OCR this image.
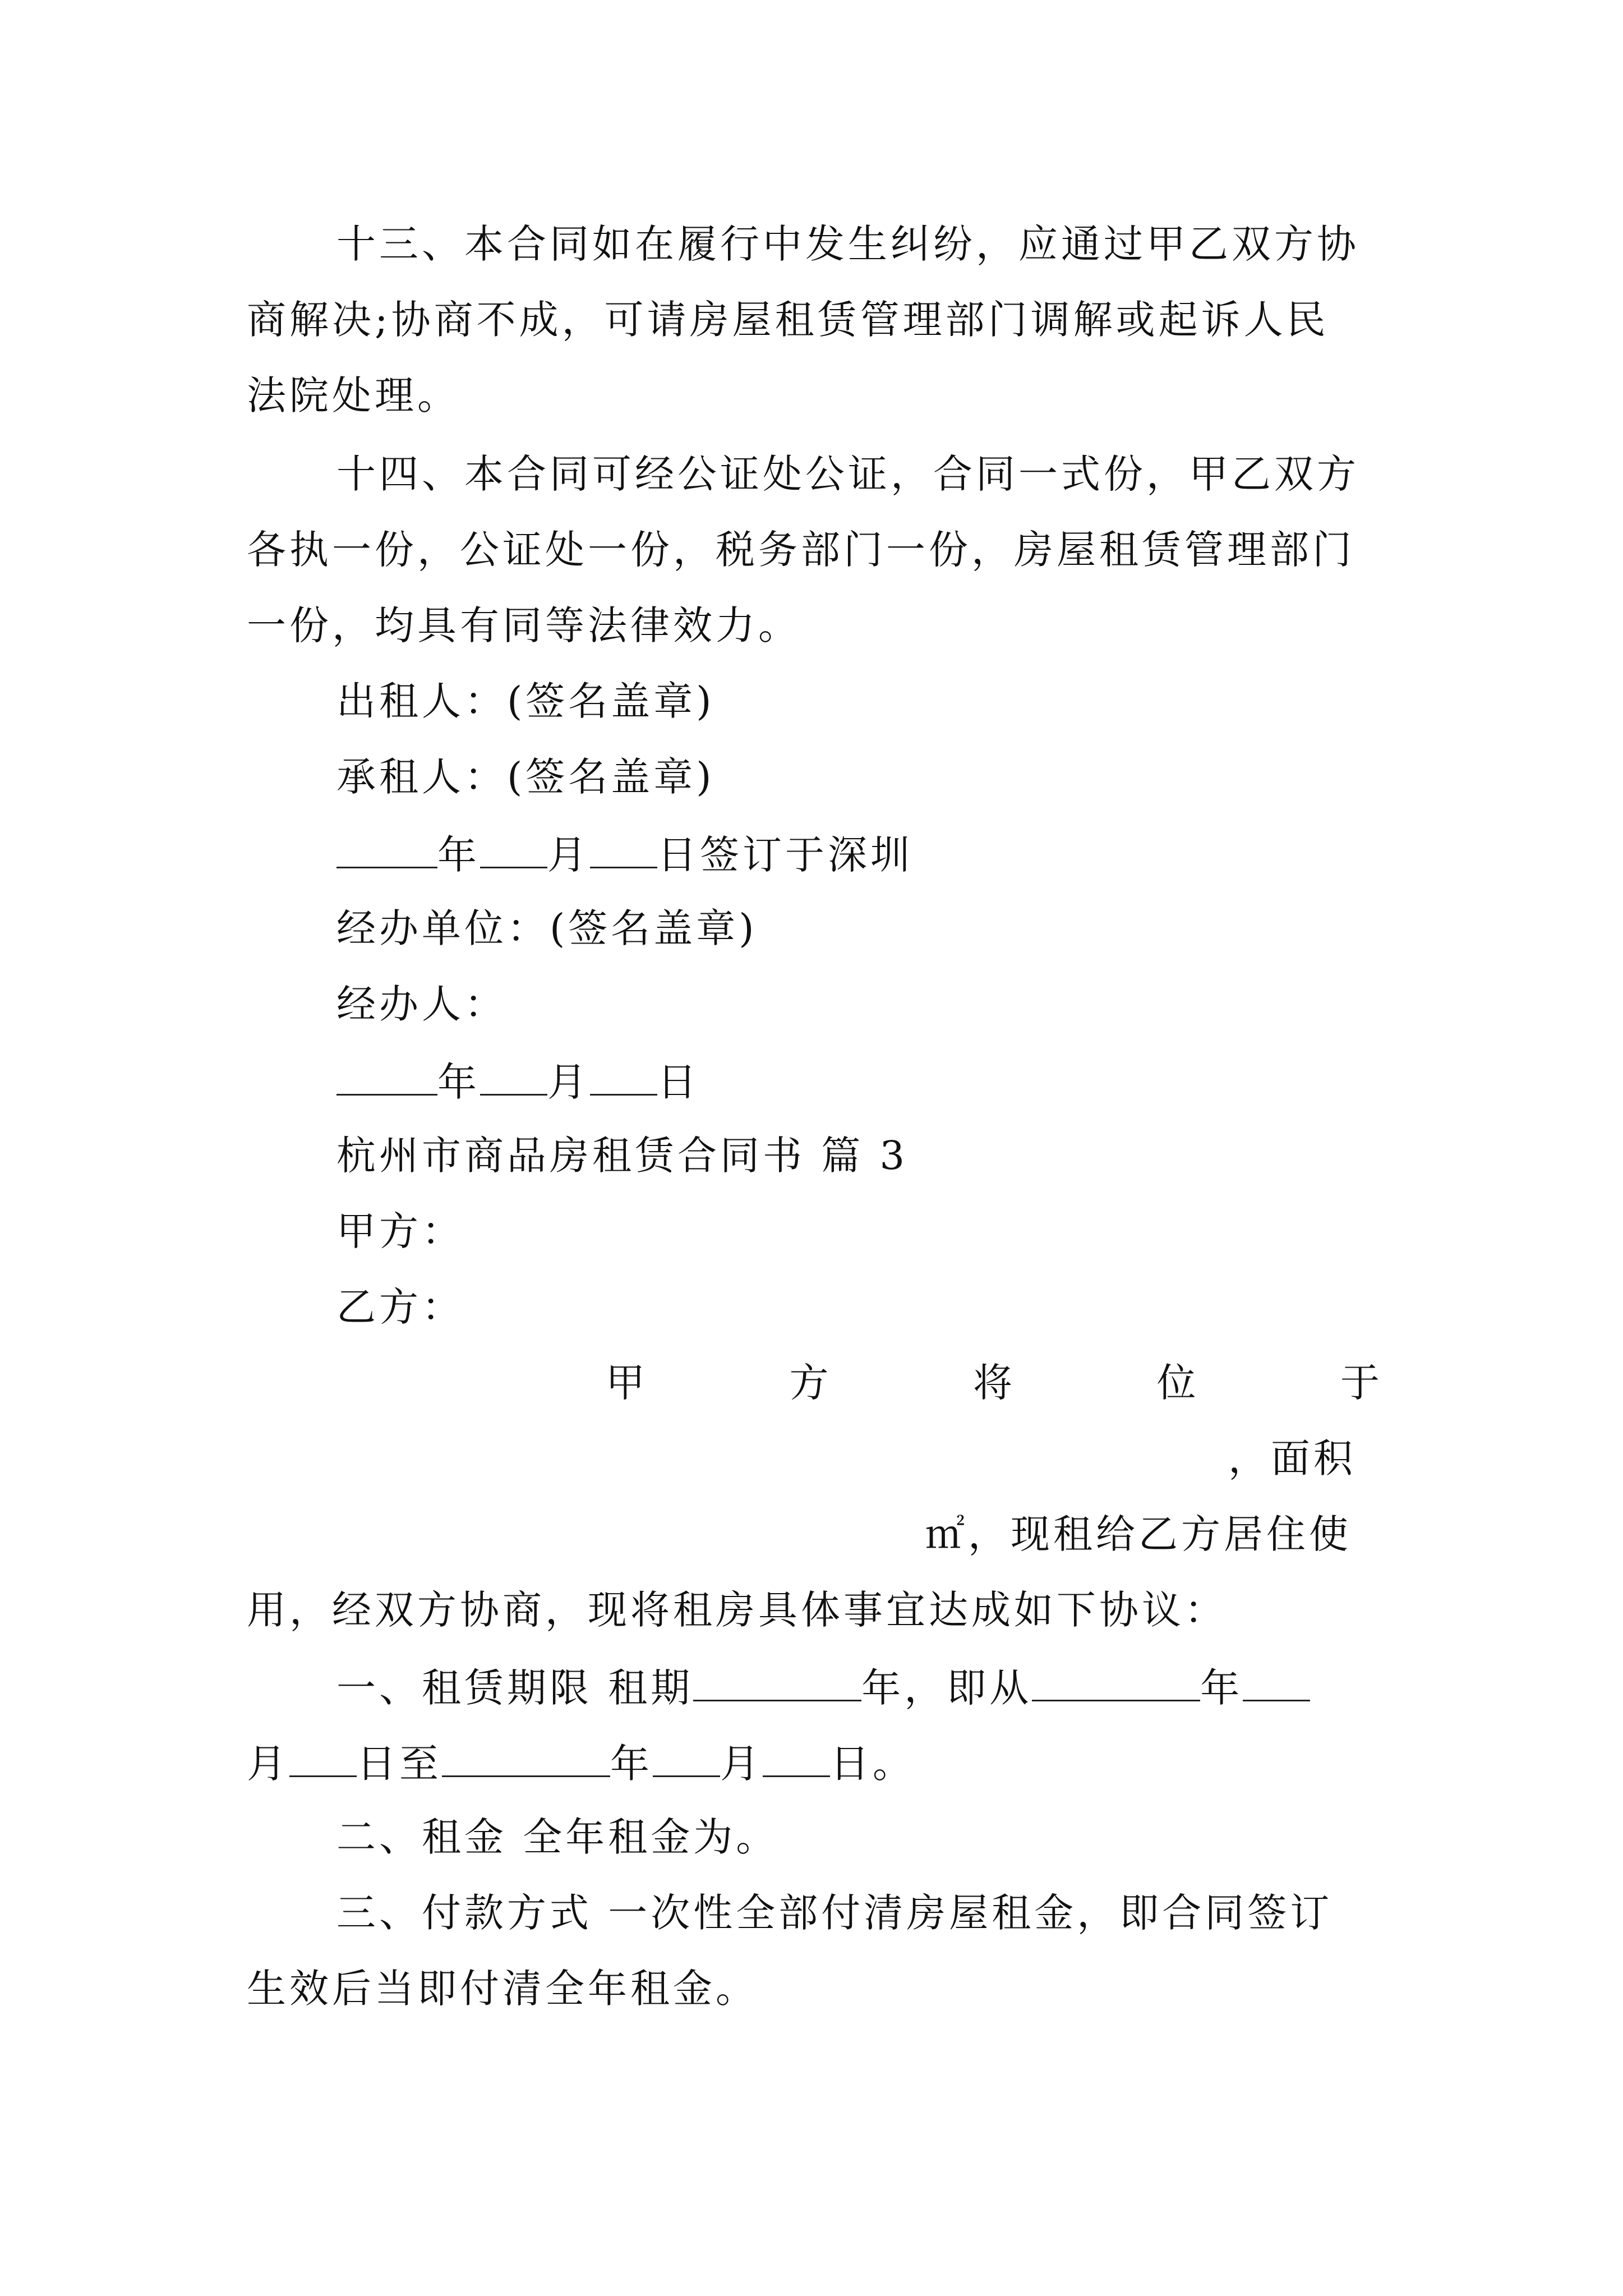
十三、本合同如在履行中发生纠纷，应通过甲乙双方协
商解决;协商不成，可请房屋租赁管理部门调解或起诉人民
法院处理。
十四、本合同可经公证处公证，合同一式份，甲乙双方
各执一份，公证处一份，税务部门一份，房屋租赁管理部门
一份，均具有同等法律效力。
出租人：(签名盖章)
承租人：(签名盖章)
年 月 日签订于深圳
经办单位：(签名盖章)
经办人：
年 月 日
杭州市商品房租赁合同书 篇 3
甲方：
乙方：
甲	方	将	位	于
，面积
㎡，现租给乙方居住使
用，经双方协商，现将租房具体事宜达成如下协议：
一、租赁期限 租期	年，即从	年
月 日至	年 月 日。
二、租金 全年租金为。
三、付款方式 一次性全部付清房屋租金，即合同签订
生效后当即付清全年租金。
